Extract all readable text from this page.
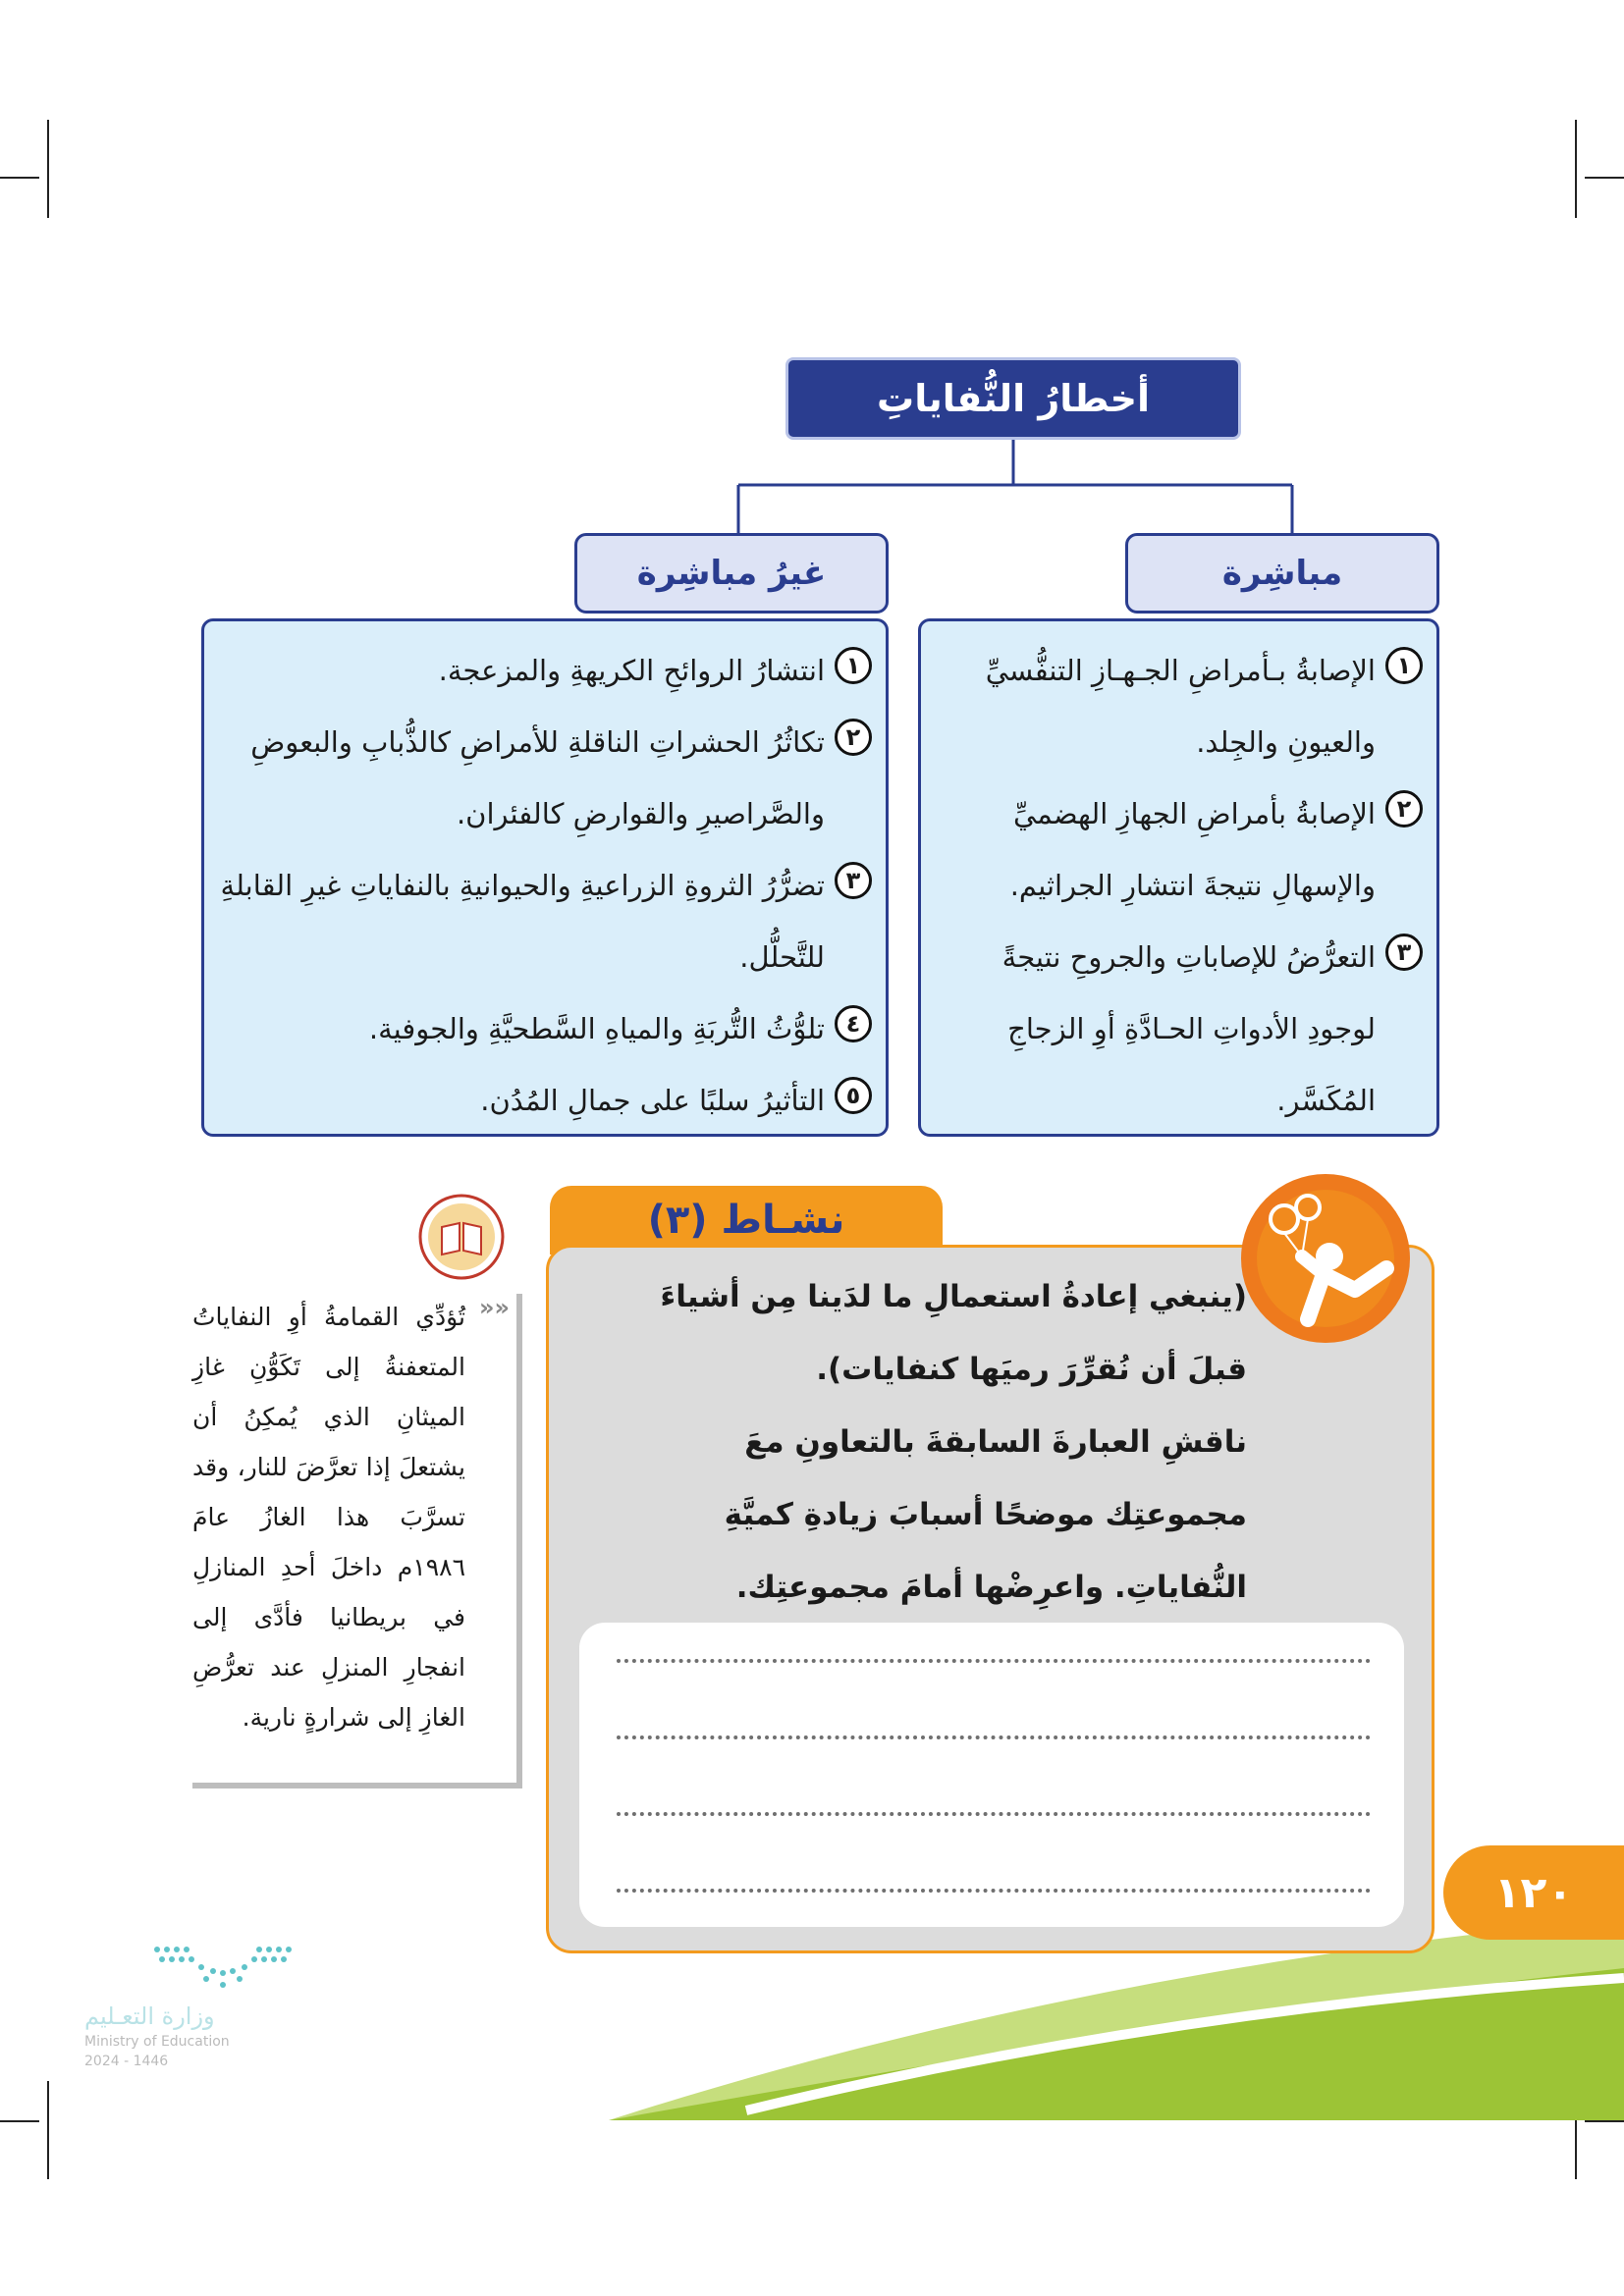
أخطارُ النُّفاياتِ
مباشِرة
غيرُ مباشِرة
١
الإصابةُ بـأمراضِ الجـهـازِ التنفُّسيِّ والعيونِ والجِلد.
٢
الإصابةُ بأمراضِ الجهازِ الهضميِّ والإسهالِ نتيجةَ انتشارِ الجراثيم.
٣
التعرُّضُ للإصاباتِ والجروحِ نتيجةً لوجودِ الأدواتِ الحـادَّةِ أوِ الزجاجِ المُكَسَّر.
١
انتشارُ الروائحِ الكريهةِ والمزعجة.
٢
تكاثُرُ الحشراتِ الناقلةِ للأمراضِ كالذُّبابِ والبعوضِ والصَّراصيرِ والقوارضِ كالفئران.
٣
تضرُّرُ الثروةِ الزراعيةِ والحيوانيةِ بالنفاياتِ غيرِ القابلةِ للتَّحلُّل.
٤
تلوُّثُ التُّربَةِ والمياهِ السَّطحيَّةِ والجوفية.
٥
التأثيرُ سلبًا على جمالِ المُدُن.
نشـاط (٣)
(ينبغي إعادةُ استعمالِ ما لدَينا مِن أشياءَ قبلَ أن نُقرِّرَ رميَها كنفايات).
ناقشِ العبارةَ السابقةَ بالتعاونِ معَ مجموعتِك موضحًا أسبابَ زيادةِ كميَّةِ النُّفاياتِ. واعرِضْها أمامَ مجموعتِك.
»»
تُؤدِّي القمامةُ أوِ النفاياتُ المتعفنةُ إلى تَكَوُّنِ غازِ الميثانِ الذي يُمكِنُ أن يشتعلَ إذا تعرَّضَ للنار، وقد تسرَّبَ هذا الغازُ عامَ ١٩٨٦م داخلَ أحدِ المنازلِ في بريطانيا فأدَّى إلى انفجارِ المنزلِ عند تعرُّضِ الغازِ إلى شرارةٍ نارية.
١٢٠
وزارة التعـليم
Ministry of Education
2024 - 1446
